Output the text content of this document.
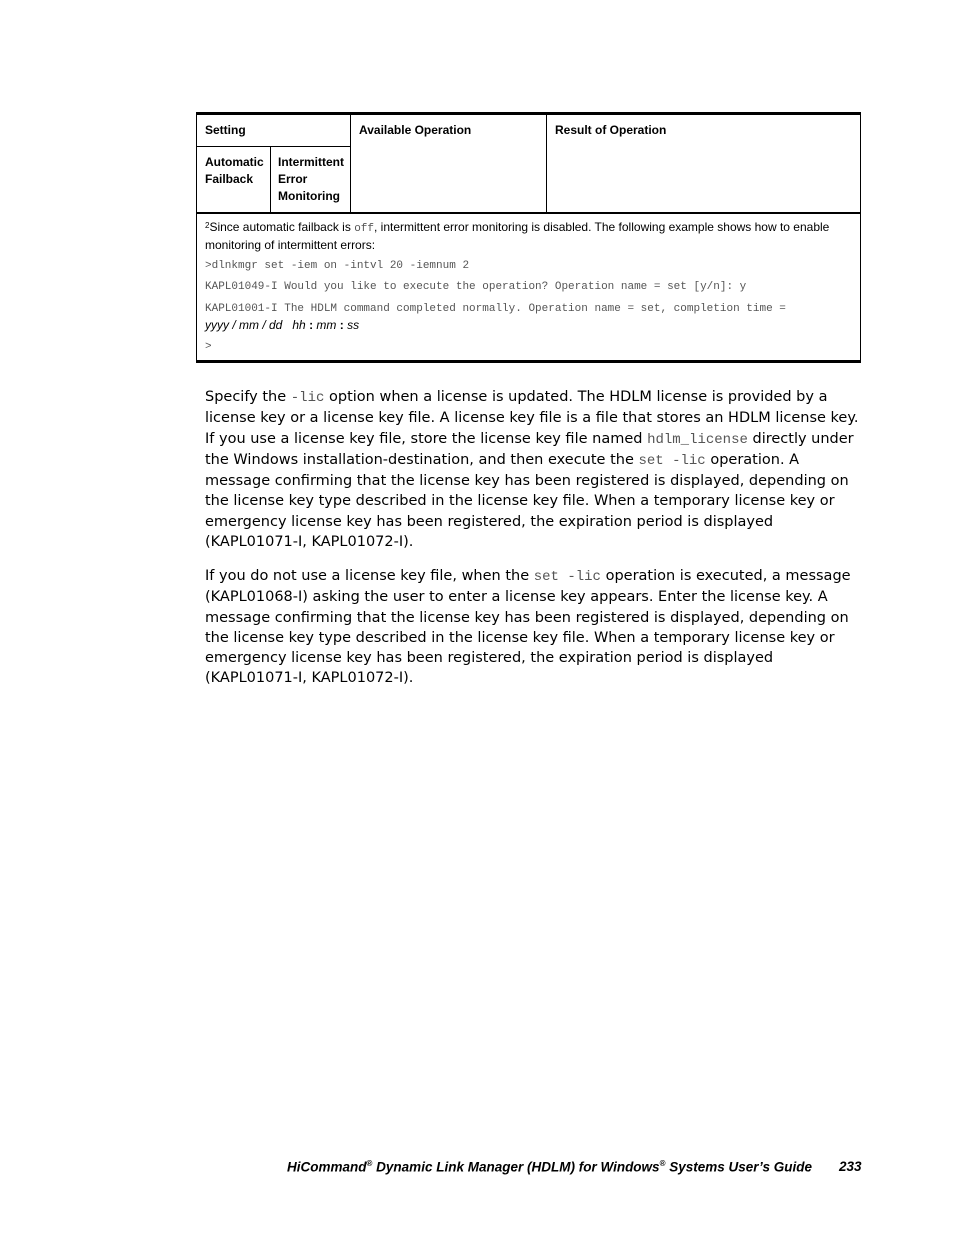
Setting	Available Operation	Result of Operation
Automatic
Failback
Intermittent
Error
Monitoring
$^2$Since automatic failback is off, intermittent error monitoring is disabled. The following example shows how to enable monitoring of intermittent errors:
>dlnkmgr set -iem on -intvl 20 -iemnum 2
KAPL01049-I Would you like to execute the operation? Operation name = set [y/n]: y
KAPL01001-I The HDLM command completed normally. Operation name = set, completion time =
yyyy / mm / dd hh : mm : ss
>
Specify the -lic option when a license is updated. The HDLM license is provided by a license key or a license key file. A license key file is a file that stores an HDLM license key. If you use a license key file, store the license key file named hdlm_license directly under the Windows installation-destination, and then execute the set -lic operation. A message confirming that the license key has been registered is displayed, depending on the license key type described in the license key file. When a temporary license key or emergency license key has been registered, the expiration period is displayed (KAPL01071-I, KAPL01072-I).
If you do not use a license key file, when the set -lic operation is executed, a message (KAPL01068-I) asking the user to enter a license key appears. Enter the license key. A message confirming that the license key has been registered is displayed, depending on the license key type described in the license key file. When a temporary license key or emergency license key has been registered, the expiration period is displayed (KAPL01071-I, KAPL01072-I).
HiCommand® Dynamic Link Manager (HDLM) for Windows® Systems User’s Guide 233
